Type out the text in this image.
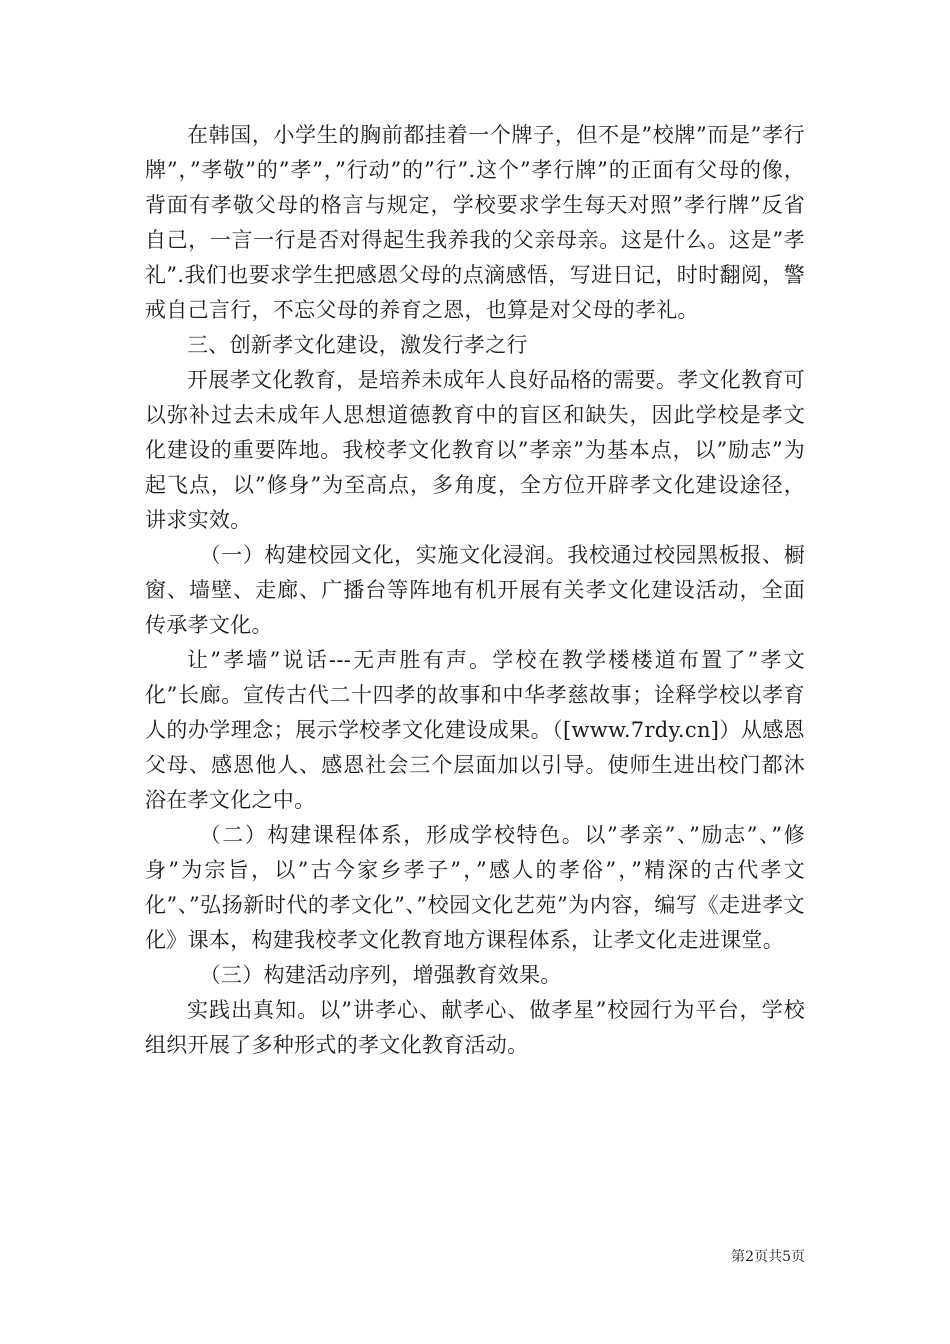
在韩国，小学生的胸前都挂着一个牌子，但不是”校牌”而是”孝行牌”，”孝敬”的”孝”，”行动”的”行”.这个”孝行牌”的正面有父母的像，背面有孝敬父母的格言与规定，学校要求学生每天对照”孝行牌”反省自己，一言一行是否对得起生我养我的父亲母亲。这是什么。这是”孝礼”.我们也要求学生把感恩父母的点滴感悟，写进日记，时时翻阅，警戒自己言行，不忘父母的养育之恩，也算是对父母的孝礼。

三、创新孝文化建设，激发行孝之行

开展孝文化教育，是培养未成年人良好品格的需要。孝文化教育可以弥补过去未成年人思想道德教育中的盲区和缺失，因此学校是孝文化建设的重要阵地。我校孝文化教育以”孝亲”为基本点，以”励志”为起飞点，以”修身”为至高点，多角度，全方位开辟孝文化建设途径，讲求实效。

（一）构建校园文化，实施文化浸润。我校通过校园黑板报、橱窗、墙壁、走廊、广播台等阵地有机开展有关孝文化建设活动，全面传承孝文化。

让”孝墙”说话---无声胜有声。学校在教学楼楼道布置了”孝文化”长廊。宣传古代二十四孝的故事和中华孝慈故事；诠释学校以孝育人的办学理念；展示学校孝文化建设成果。（[www.7rdy.cn]）从感恩父母、感恩他人、感恩社会三个层面加以引导。使师生进出校门都沐浴在孝文化之中。

（二）构建课程体系，形成学校特色。以”孝亲”、”励志”、”修身”为宗旨，以”古今家乡孝子”，”感人的孝俗”，”精深的古代孝文化”、”弘扬新时代的孝文化”、”校园文化艺苑”为内容，编写《走进孝文化》课本，构建我校孝文化教育地方课程体系，让孝文化走进课堂。

（三）构建活动序列，增强教育效果。

实践出真知。以”讲孝心、献孝心、做孝星”校园行为平台，学校组织开展了多种形式的孝文化教育活动。

第2页共5页
